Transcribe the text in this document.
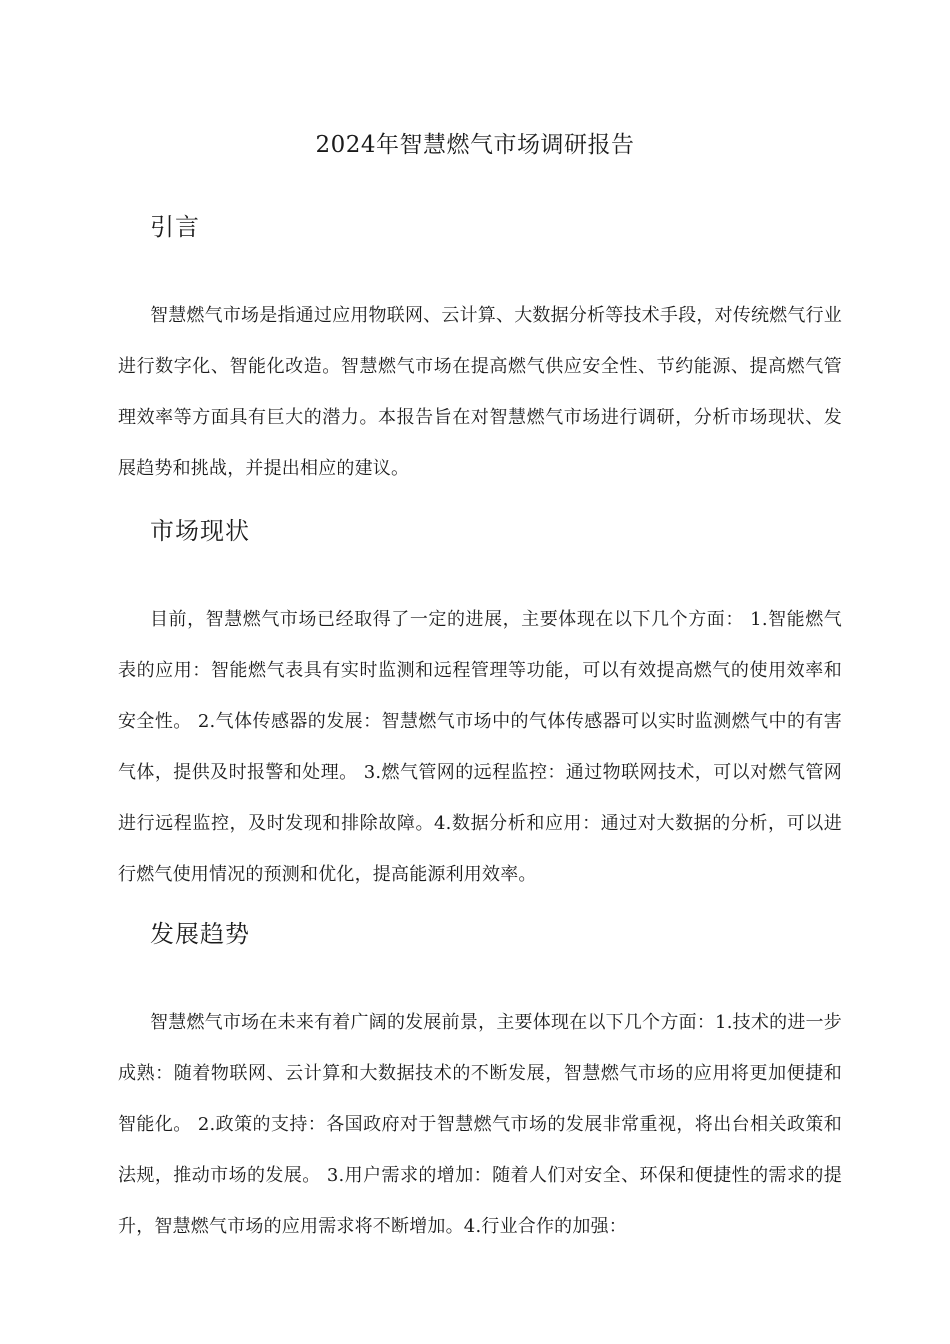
2024年智慧燃气市场调研报告
引言

智慧燃气市场是指通过应用物联网、云计算、大数据分析等技术手段，对传统燃气行业进行数字化、智能化改造。智慧燃气市场在提高燃气供应安全性、节约能源、提高燃气管理效率等方面具有巨大的潜力。本报告旨在对智慧燃气市场进行调研，分析市场现状、发展趋势和挑战，并提出相应的建议。

市场现状

目前，智慧燃气市场已经取得了一定的进展，主要体现在以下几个方面： 1.智能燃气表的应用：智能燃气表具有实时监测和远程管理等功能，可以有效提高燃气的使用效率和安全性。 2.气体传感器的发展：智慧燃气市场中的气体传感器可以实时监测燃气中的有害气体，提供及时报警和处理。 3.燃气管网的远程监控：通过物联网技术，可以对燃气管网进行远程监控，及时发现和排除故障。4.数据分析和应用：通过对大数据的分析，可以进行燃气使用情况的预测和优化，提高能源利用效率。

发展趋势

智慧燃气市场在未来有着广阔的发展前景，主要体现在以下几个方面：1.技术的进一步成熟：随着物联网、云计算和大数据技术的不断发展，智慧燃气市场的应用将更加便捷和智能化。 2.政策的支持：各国政府对于智慧燃气市场的发展非常重视，将出台相关政策和法规，推动市场的发展。 3.用户需求的增加：随着人们对安全、环保和便捷性的需求的提升，智慧燃气市场的应用需求将不断增加。4.行业合作的加强：
